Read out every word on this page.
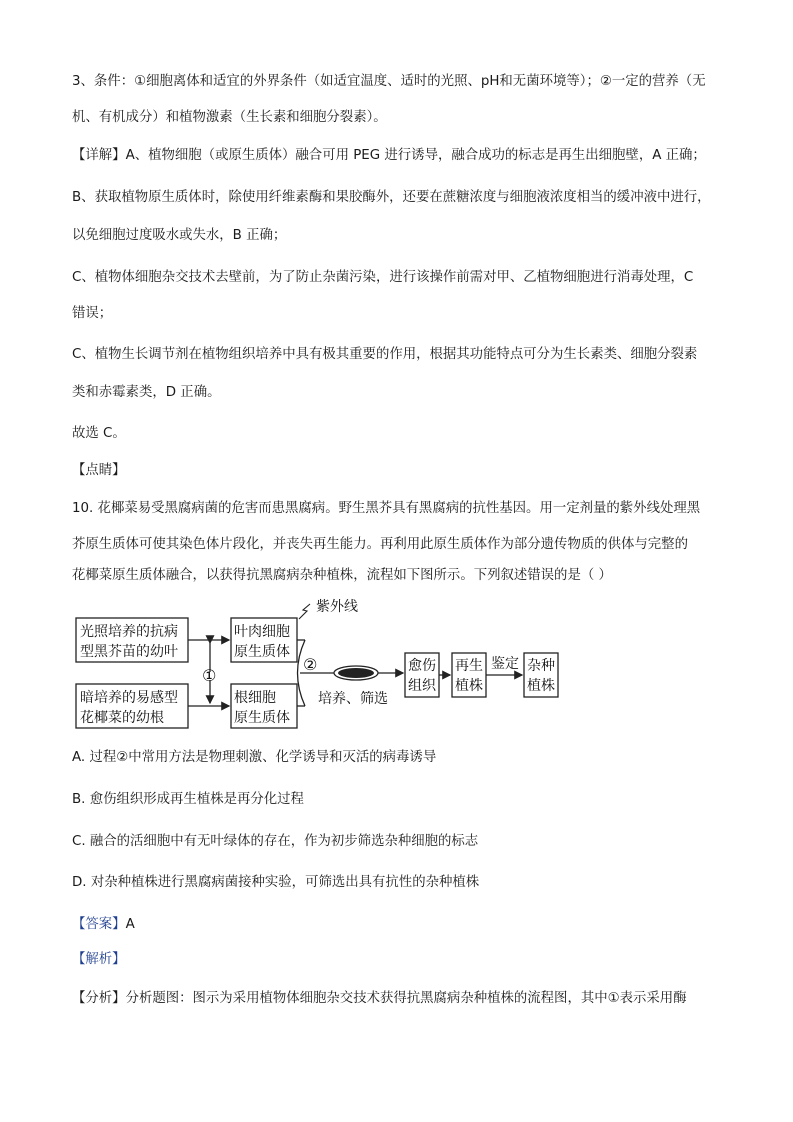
3、条件：①细胞离体和适宜的外界条件（如适宜温度、适时的光照、pH和无菌环境等）；②一定的营养（无
机、有机成分）和植物激素（生长素和细胞分裂素）。
【详解】A、植物细胞（或原生质体）融合可用 PEG 进行诱导，融合成功的标志是再生出细胞壁，A 正确；
B、获取植物原生质体时，除使用纤维素酶和果胶酶外，还要在蔗糖浓度与细胞液浓度相当的缓冲液中进行，
以免细胞过度吸水或失水，B 正确；
C、植物体细胞杂交技术去壁前，为了防止杂菌污染，进行该操作前需对甲、乙植物细胞进行消毒处理，C
错误；
C、植物生长调节剂在植物组织培养中具有极其重要的作用，根据其功能特点可分为生长素类、细胞分裂素
类和赤霉素类，D 正确。
故选 C。
【点睛】
10. 花椰菜易受黑腐病菌的危害而患黑腐病。野生黑芥具有黑腐病的抗性基因。用一定剂量的紫外线处理黑
芥原生质体可使其染色体片段化，并丧失再生能力。再利用此原生质体作为部分遗传物质的供体与完整的
花椰菜原生质体融合，以获得抗黑腐病杂种植株，流程如下图所示。下列叙述错误的是（ ）
光照培养的抗病
型黑芥苗的幼叶
暗培养的易感型
花椰菜的幼根
叶肉细胞
原生质体
根细胞
原生质体
紫外线
①
②
培养、筛选
愈伤
组织
再生
植株
鉴定 杂种
植株
A. 过程②中常用方法是物理刺激、化学诱导和灭活的病毒诱导
B. 愈伤组织形成再生植株是再分化过程
C. 融合的活细胞中有无叶绿体的存在，作为初步筛选杂种细胞的标志
D. 对杂种植株进行黑腐病菌接种实验，可筛选出具有抗性的杂种植株
【答案】A
【解析】
【分析】分析题图：图示为采用植物体细胞杂交技术获得抗黑腐病杂种植株的流程图，其中①表示采用酶
